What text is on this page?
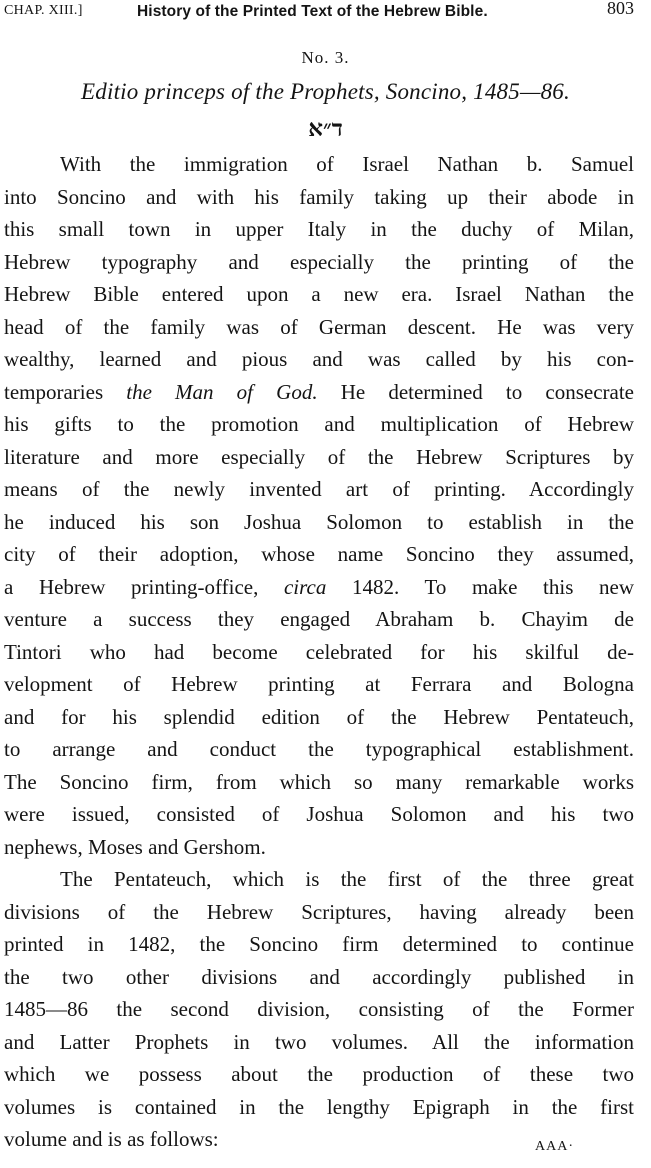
CHAP. XIII.]	History of the Printed Text of the Hebrew Bible.	803
No. 3.
Editio princeps of the Prophets, Soncino, 1485—86.
ד״א
With the immigration of Israel Nathan b. Samuel
into Soncino and with his family taking up their abode in
this small town in upper Italy in the duchy of Milan,
Hebrew typography and especially the printing of the
Hebrew Bible entered upon a new era. Israel Nathan the
head of the family was of German descent. He was very
wealthy, learned and pious and was called by his con-
temporaries the Man of God. He determined to consecrate
his gifts to the promotion and multiplication of Hebrew
literature and more especially of the Hebrew Scriptures by
means of the newly invented art of printing. Accordingly
he induced his son Joshua Solomon to establish in the
city of their adoption, whose name Soncino they assumed,
a Hebrew printing-office, circa 1482. To make this new
venture a success they engaged Abraham b. Chayim de
Tintori who had become celebrated for his skilful de-
velopment of Hebrew printing at Ferrara and Bologna
and for his splendid edition of the Hebrew Pentateuch,
to arrange and conduct the typographical establishment.
The Soncino firm, from which so many remarkable works
were issued, consisted of Joshua Solomon and his two
nephews, Moses and Gershom.
The Pentateuch, which is the first of the three great
divisions of the Hebrew Scriptures, having already been
printed in 1482, the Soncino firm determined to continue
the two other divisions and accordingly published in
1485—86 the second division, consisting of the Former
and Latter Prophets in two volumes. All the information
which we possess about the production of these two
volumes is contained in the lengthy Epigraph in the first
volume and is as follows:	AAA·
